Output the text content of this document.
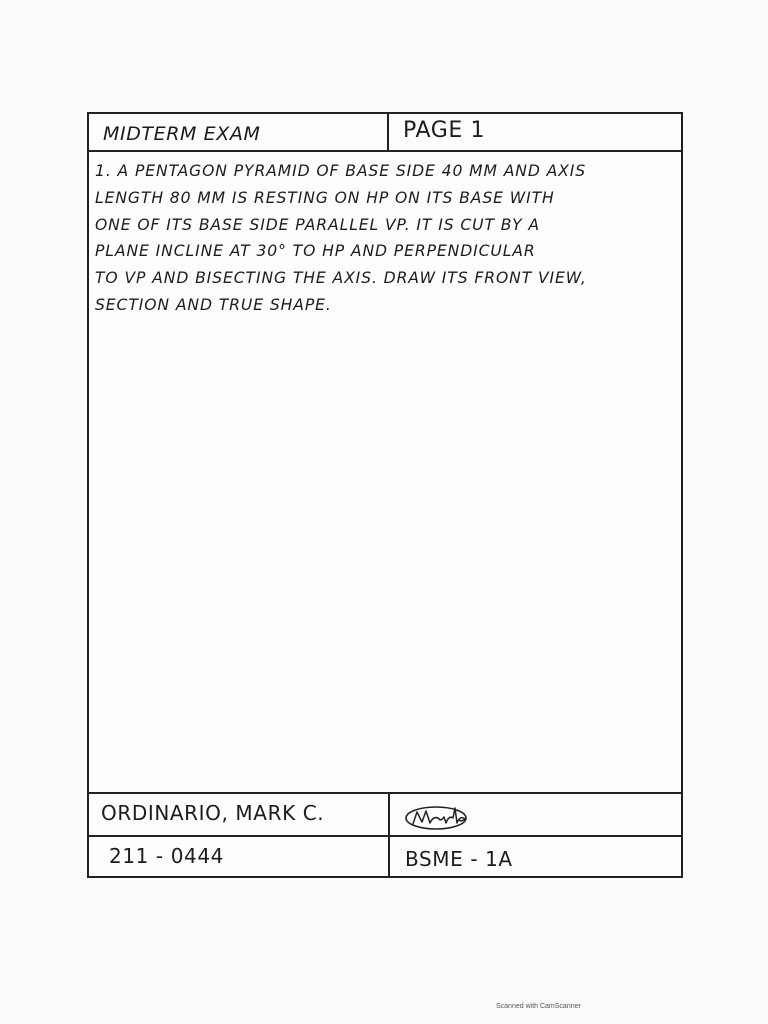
MIDTERM EXAM	PAGE 1
1. A PENTAGON PYRAMID OF BASE SIDE 40 MM AND AXIS
LENGTH 80 MM IS RESTING ON HP ON ITS BASE WITH
ONE OF ITS BASE SIDE PARALLEL VP. IT IS CUT BY A
PLANE INCLINE AT 30° TO HP AND PERPENDICULAR
TO VP AND BISECTING THE AXIS. DRAW ITS FRONT VIEW,
SECTION AND TRUE SHAPE.
ORDINARIO, MARK C.
211 - 0444	BSME - 1A
Scanned with CamScanner
